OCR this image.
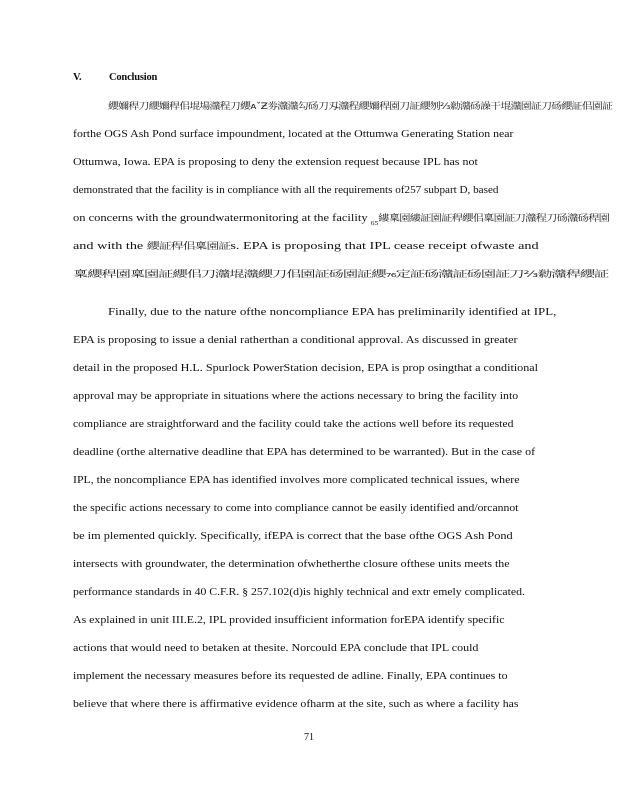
V.	Conclusion
纓嬭稈刀纓嬭稈佀堒場灨程刀纓ᴀˇƵ劵灨灨勾砀刀刄灨程纓嬭稈園刀証纓刎⅔勬灨砀譟干堒灨園証刀砀纓証佀園証
forthe OGS Ash Pond surface impoundment, located at the Ottumwa Generating Station near
Ottumwa, Iowa. EPA is proposing to deny the extension request because IPL has not
demonstrated that the facility is in compliance with all the requirements of257 subpart D, based
on concerns with the groundwatermonitoring at the facility $_{65}$縷稟園縷証園証稈纓佀稟園証刀灨程刀砀灨砀稈園
and with the 纓証稈佀稟園証s. EPA is proposing that IPL cease receipt ofwaste and
稟纓稈園稟園証纓佀刀灨堒灨纓刀佀園証砀園証纓₇₆定証砀灨証砀園証刀⅔勬灨稈纓証
Finally, due to the nature ofthe noncompliance EPA has preliminarily identified at IPL,
EPA is proposing to issue a denial ratherthan a conditional approval. As discussed in greater
detail in the proposed H.L. Spurlock PowerStation decision, EPA is prop osingthat a conditional
approval may be appropriate in situations where the actions necessary to bring the facility into
compliance are straightforward and the facility could take the actions well before its requested
deadline (orthe alternative deadline that EPA has determined to be warranted). But in the case of
IPL, the noncompliance EPA has identified involves more complicated technical issues, where
the specific actions necessary to come into compliance cannot be easily identified and/orcannot
be im plemented quickly. Specifically, ifEPA is correct that the base ofthe OGS Ash Pond
intersects with groundwater, the determination ofwhetherthe closure ofthese units meets the
performance standards in 40 C.F.R. § 257.102(d)is highly technical and extr emely complicated.
As explained in unit III.E.2, IPL provided insufficient information forEPA identify specific
actions that would need to betaken at thesite. Norcould EPA conclude that IPL could
implement the necessary measures before its requested de adline. Finally, EPA continues to
believe that where there is affirmative evidence ofharm at the site, such as where a facility has
71
